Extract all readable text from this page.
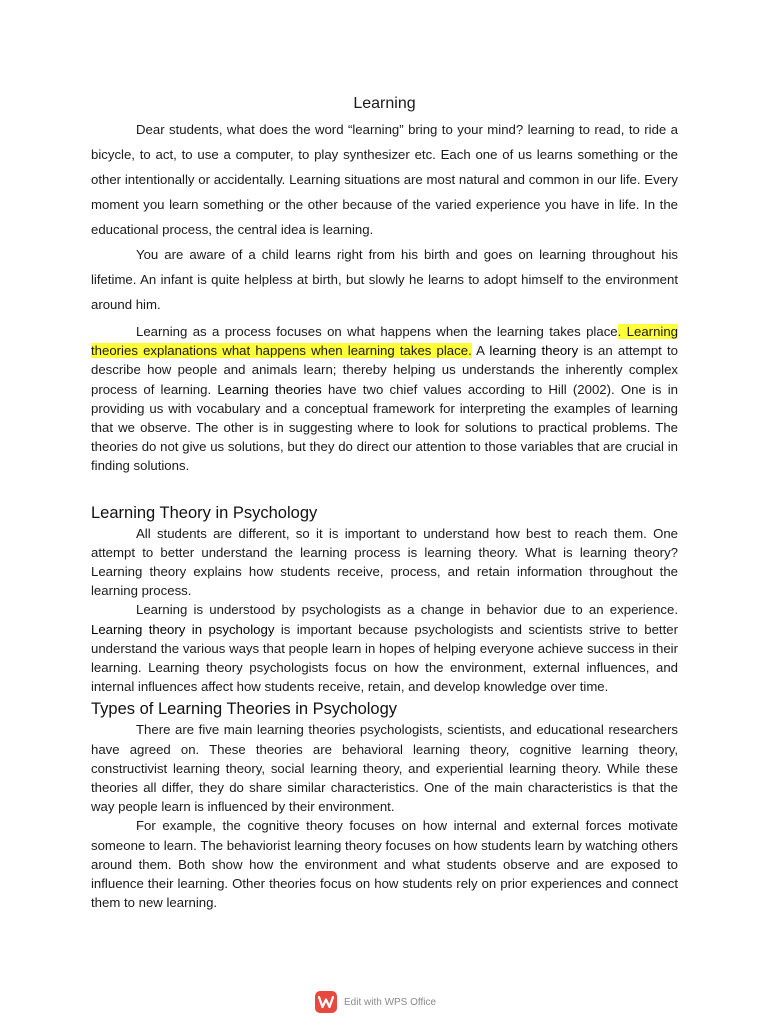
Learning

Dear students, what does the word “learning” bring to your mind? learning to read, to ride a bicycle, to act, to use a computer, to play synthesizer etc. Each one of us learns something or the other intentionally or accidentally. Learning situations are most natural and common in our life. Every moment you learn something or the other because of the varied experience you have in life. In the educational process, the central idea is learning.

You are aware of a child learns right from his birth and goes on learning throughout his lifetime. An infant is quite helpless at birth, but slowly he learns to adopt himself to the environment around him.

Learning as a process focuses on what happens when the learning takes place. Learning theories explanations what happens when learning takes place. A learning theory is an attempt to describe how people and animals learn; thereby helping us understands the inherently complex process of learning. Learning theories have two chief values according to Hill (2002). One is in providing us with vocabulary and a conceptual framework for interpreting the examples of learning that we observe. The other is in suggesting where to look for solutions to practical problems. The theories do not give us solutions, but they do direct our attention to those variables that are crucial in finding solutions.

Learning Theory in Psychology

All students are different, so it is important to understand how best to reach them. One attempt to better understand the learning process is learning theory. What is learning theory? Learning theory explains how students receive, process, and retain information throughout the learning process.

Learning is understood by psychologists as a change in behavior due to an experience. Learning theory in psychology is important because psychologists and scientists strive to better understand the various ways that people learn in hopes of helping everyone achieve success in their learning. Learning theory psychologists focus on how the environment, external influences, and internal influences affect how students receive, retain, and develop knowledge over time.

Types of Learning Theories in Psychology

There are five main learning theories psychologists, scientists, and educational researchers have agreed on. These theories are behavioral learning theory, cognitive learning theory, constructivist learning theory, social learning theory, and experiential learning theory. While these theories all differ, they do share similar characteristics. One of the main characteristics is that the way people learn is influenced by their environment.

For example, the cognitive theory focuses on how internal and external forces motivate someone to learn. The behaviorist learning theory focuses on how students learn by watching others around them. Both show how the environment and what students observe and are exposed to influence their learning. Other theories focus on how students rely on prior experiences and connect them to new learning.

Edit with WPS Office
